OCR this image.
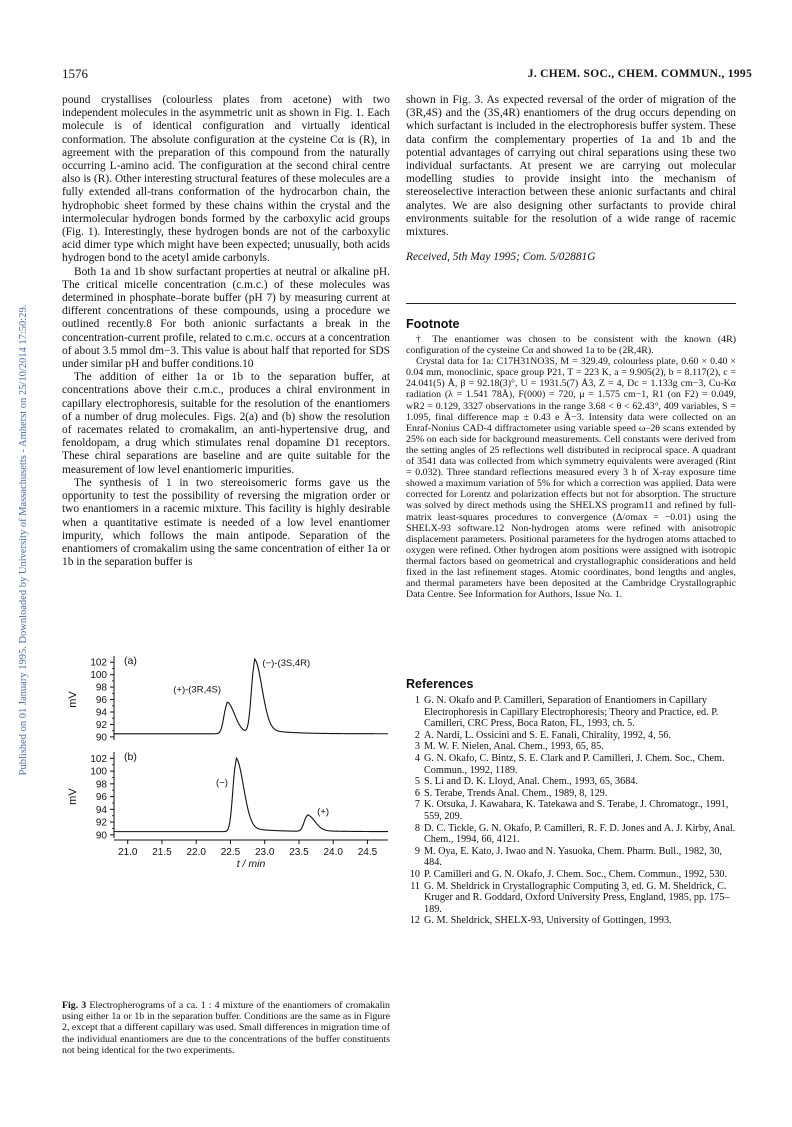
Published on 01 January 1995. Downloaded by University of Massachusetts - Amherst on 25/10/2014 17:50:29.
1576	J. CHEM. SOC., CHEM. COMMUN., 1995

pound crystallises (colourless plates from acetone) with two independent molecules in the asymmetric unit as shown in Fig. 1. Each molecule is of identical configuration and virtually identical conformation. The absolute configuration at the cysteine Cα is (R), in agreement with the preparation of this compound from the naturally occurring L-amino acid. The configuration at the second chiral centre also is (R). Other interesting structural features of these molecules are a fully extended all-trans conformation of the hydrocarbon chain, the hydrophobic sheet formed by these chains within the crystal and the intermolecular hydrogen bonds formed by the carboxylic acid groups (Fig. 1). Interestingly, these hydrogen bonds are not of the carboxylic acid dimer type which might have been expected; unusually, both acids hydrogen bond to the acetyl amide carbonyls.

Both 1a and 1b show surfactant properties at neutral or alkaline pH. The critical micelle concentration (c.m.c.) of these molecules was determined in phosphate–borate buffer (pH 7) by measuring current at different concentrations of these compounds, using a procedure we outlined recently.8 For both anionic surfactants a break in the concentration-current profile, related to c.m.c. occurs at a concentration of about 3.5 mmol dm−3. This value is about half that reported for SDS under similar pH and buffer conditions.10

The addition of either 1a or 1b to the separation buffer, at concentrations above their c.m.c., produces a chiral environment in capillary electrophoresis, suitable for the resolution of the enantiomers of a number of drug molecules. Figs. 2(a) and (b) show the resolution of racemates related to cromakalim, an anti-hypertensive drug, and fenoldopam, a drug which stimulates renal dopamine D1 receptors. These chiral separations are baseline and are quite suitable for the measurement of low level enantiomeric impurities.

The synthesis of 1 in two stereoisomeric forms gave us the opportunity to test the possibility of reversing the migration order or two enantiomers in a racemic mixture. This facility is highly desirable when a quantitative estimate is needed of a low level enantiomer impurity, which follows the main antipode. Separation of the enantiomers of cromakalim using the same concentration of either 1a or 1b in the separation buffer is

shown in Fig. 3. As expected reversal of the order of migration of the (3R,4S) and the (3S,4R) enantiomers of the drug occurs depending on which surfactant is included in the electrophoresis buffer system. These data confirm the complementary properties of 1a and 1b and the potential advantages of carrying out chiral separations using these two individual surfactants. At present we are carrying out molecular modelling studies to provide insight into the mechanism of stereoselective interaction between these anionic surfactants and chiral analytes. We are also designing other surfactants to provide chiral environments suitable for the resolution of a wide range of racemic mixtures.

Received, 5th May 1995; Com. 5/02881G

Footnote

† The enantiomer was chosen to be consistent with the known (4R) configuration of the cysteine Cα and showed 1a to be (2R,4R).

Crystal data for 1a: C17H31NO3S, M = 329.49, colourless plate, 0.60 × 0.40 × 0.04 mm, monoclinic, space group P21, T = 223 K, a = 9.905(2), b = 8.117(2), c = 24.041(5) Å, β = 92.18(3)°, U = 1931.5(7) Å3, Z = 4, Dc = 1.133g cm−3, Cu-Kα radiation (λ = 1.541 78Å), F(000) = 720, μ = 1.575 cm−1, R1 (on F2) = 0.049, wR2 = 0.129, 3327 observations in the range 3.68 < θ < 62.43°, 409 variables, S = 1.095, final difference map ± 0.43 e Å−3. Intensity data were collected on an Enraf-Nonius CAD-4 diffractometer using variable speed ω–2θ scans extended by 25% on each side for background measurements. Cell constants were derived from the setting angles of 25 reflections well distributed in reciprocal space. A quadrant of 3541 data was collected from which symmetry equivalents were averaged (Rint = 0.032). Three standard reflections measured every 3 h of X-ray exposure time showed a maximum variation of 5% for which a correction was applied. Data were corrected for Lorentz and polarization effects but not for absorption. The structure was solved by direct methods using the SHELXS program11 and refined by full-matrix least-squares procedures to convergence (Δ/σmax = −0.01) using the SHELX-93 software.12 Non-hydrogen atoms were refined with anisotropic displacement parameters. Positional parameters for the hydrogen atoms attached to oxygen were refined. Other hydrogen atom positions were assigned with isotropic thermal factors based on geometrical and crystallographic considerations and held fixed in the last refinement stages. Atomic coordinates, bond lengths and angles, and thermal parameters have been deposited at the Cambridge Crystallographic Data Centre. See Information for Authors, Issue No. 1.

References

1 G. N. Okafo and P. Camilleri, Separation of Enantiomers in Capillary Electrophoresis in Capillary Electrophoresis; Theory and Practice, ed. P. Camilleri, CRC Press, Boca Raton, FL, 1993, ch. 5.

2 A. Nardi, L. Ossicini and S. E. Fanali, Chirality, 1992, 4, 56.

3 M. W. F. Nielen, Anal. Chem., 1993, 65, 85.

4 G. N. Okafo, C. Bintz, S. E. Clark and P. Camilleri, J. Chem. Soc., Chem. Commun., 1992, 1189.

5 S. Li and D. K. Lloyd, Anal. Chem., 1993, 65, 3684.

6 S. Terabe, Trends Anal. Chem., 1989, 8, 129.

7 K. Otsuka, J. Kawahara, K. Tatekawa and S. Terabe, J. Chromatogr., 1991, 559, 209.

8 D. C. Tickle, G. N. Okafo, P. Camilleri, R. F. D. Jones and A. J. Kirby, Anal. Chem., 1994, 66, 4121.

9 M. Oya, E. Kato, J. Iwao and N. Yasuoka, Chem. Pharm. Bull., 1982, 30, 484.

10 P. Camilleri and G. N. Okafo, J. Chem. Soc., Chem. Commun., 1992, 530.

11 G. M. Sheldrick in Crystallographic Computing 3, ed. G. M. Sheldrick, C. Kruger and R. Goddard, Oxford University Press, England, 1985, pp. 175–189.

12 G. M. Sheldrick, SHELX-93, University of Gottingen, 1993.

90
92
94
96
98
100
102
mV
(a)
(+)-(3R,4S)
(−)-(3S,4R)
90
92
94
96
98
100
102
mV
(b)
(−)
(+)
21.0 21.5 22.0 22.5 23.0 23.5 24.0 24.5
t / min
Fig. 3 Electropherograms of a ca. 1 : 4 mixture of the enantiomers of cromakalin using either 1a or 1b in the separation buffer. Conditions are the same as in Figure 2, except that a different capillary was used. Small differences in migration time of the individual enantiomers are due to the concentrations of the buffer constituents not being identical for the two experiments.
